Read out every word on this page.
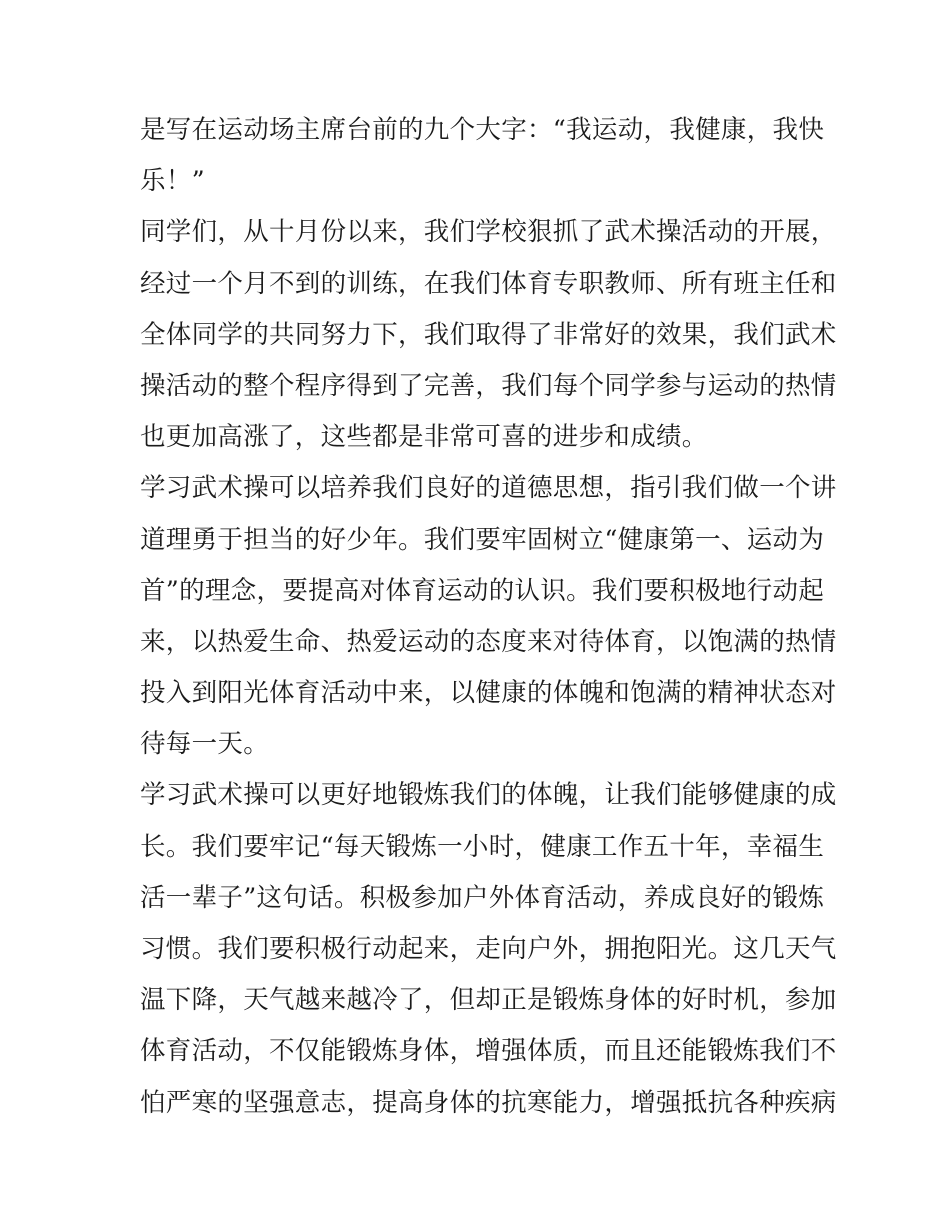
是写在运动场主席台前的九个大字：“我运动，我健康，我快
乐！”
同学们，从十月份以来，我们学校狠抓了武术操活动的开展，
经过一个月不到的训练，在我们体育专职教师、所有班主任和
全体同学的共同努力下，我们取得了非常好的效果，我们武术
操活动的整个程序得到了完善，我们每个同学参与运动的热情
也更加高涨了，这些都是非常可喜的进步和成绩。
学习武术操可以培养我们良好的道德思想，指引我们做一个讲
道理勇于担当的好少年。我们要牢固树立“健康第一、运动为
首”的理念，要提高对体育运动的认识。我们要积极地行动起
来，以热爱生命、热爱运动的态度来对待体育，以饱满的热情
投入到阳光体育活动中来，以健康的体魄和饱满的精神状态对
待每一天。
学习武术操可以更好地锻炼我们的体魄，让我们能够健康的成
长。我们要牢记“每天锻炼一小时，健康工作五十年，幸福生
活一辈子”这句话。积极参加户外体育活动，养成良好的锻炼
习惯。我们要积极行动起来，走向户外，拥抱阳光。这几天气
温下降，天气越来越冷了，但却正是锻炼身体的好时机，参加
体育活动，不仅能锻炼身体，增强体质，而且还能锻炼我们不
怕严寒的坚强意志，提高身体的抗寒能力，增强抵抗各种疾病
